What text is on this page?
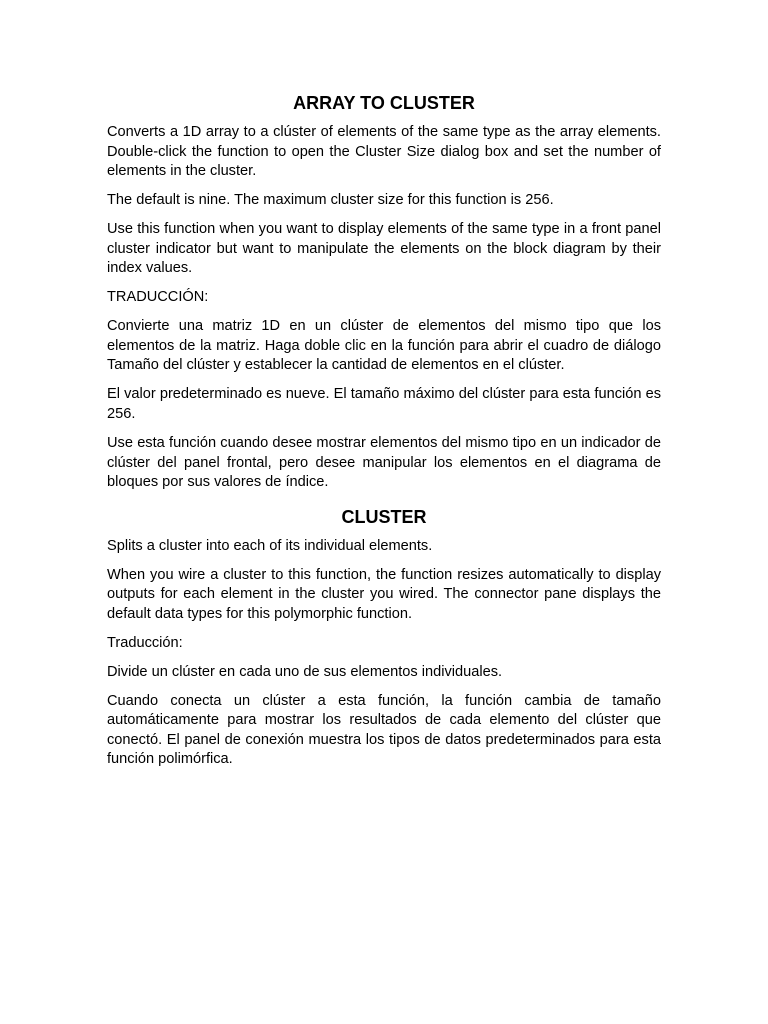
ARRAY TO CLUSTER

Converts a 1D array to a clúster of elements of the same type as the array elements. Double-click the function to open the Cluster Size dialog box and set the number of elements in the cluster.

The default is nine. The maximum cluster size for this function is 256.

Use this function when you want to display elements of the same type in a front panel cluster indicator but want to manipulate the elements on the block diagram by their index values.

TRADUCCIÓN:

Convierte una matriz 1D en un clúster de elementos del mismo tipo que los elementos de la matriz. Haga doble clic en la función para abrir el cuadro de diálogo Tamaño del clúster y establecer la cantidad de elementos en el clúster.

El valor predeterminado es nueve. El tamaño máximo del clúster para esta función es 256.

Use esta función cuando desee mostrar elementos del mismo tipo en un indicador de clúster del panel frontal, pero desee manipular los elementos en el diagrama de bloques por sus valores de índice.

CLUSTER

Splits a cluster into each of its individual elements.

When you wire a cluster to this function, the function resizes automatically to display outputs for each element in the cluster you wired. The connector pane displays the default data types for this polymorphic function.

Traducción:

Divide un clúster en cada uno de sus elementos individuales.

Cuando conecta un clúster a esta función, la función cambia de tamaño automáticamente para mostrar los resultados de cada elemento del clúster que conectó. El panel de conexión muestra los tipos de datos predeterminados para esta función polimórfica.
